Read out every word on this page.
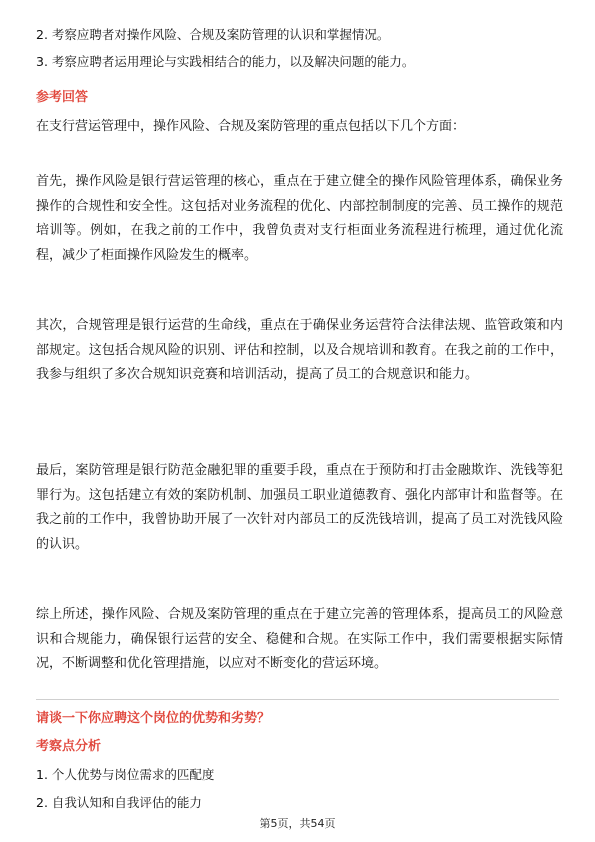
2. 考察应聘者对操作风险、合规及案防管理的认识和掌握情况。

3. 考察应聘者运用理论与实践相结合的能力，以及解决问题的能力。

参考回答

在支行营运管理中，操作风险、合规及案防管理的重点包括以下几个方面：

首先，操作风险是银行营运管理的核心，重点在于建立健全的操作风险管理体系，确保业务操作的合规性和安全性。这包括对业务流程的优化、内部控制制度的完善、员工操作的规范培训等。例如，在我之前的工作中，我曾负责对支行柜面业务流程进行梳理，通过优化流程，减少了柜面操作风险发生的概率。

其次，合规管理是银行运营的生命线，重点在于确保业务运营符合法律法规、监管政策和内部规定。这包括合规风险的识别、评估和控制，以及合规培训和教育。在我之前的工作中，我参与组织了多次合规知识竞赛和培训活动，提高了员工的合规意识和能力。

最后，案防管理是银行防范金融犯罪的重要手段，重点在于预防和打击金融欺诈、洗钱等犯罪行为。这包括建立有效的案防机制、加强员工职业道德教育、强化内部审计和监督等。在我之前的工作中，我曾协助开展了一次针对内部员工的反洗钱培训，提高了员工对洗钱风险的认识。

综上所述，操作风险、合规及案防管理的重点在于建立完善的管理体系，提高员工的风险意识和合规能力，确保银行运营的安全、稳健和合规。在实际工作中，我们需要根据实际情况，不断调整和优化管理措施，以应对不断变化的营运环境。

请谈一下你应聘这个岗位的优势和劣势？

考察点分析

1. 个人优势与岗位需求的匹配度

2. 自我认知和自我评估的能力

第5页，共54页
